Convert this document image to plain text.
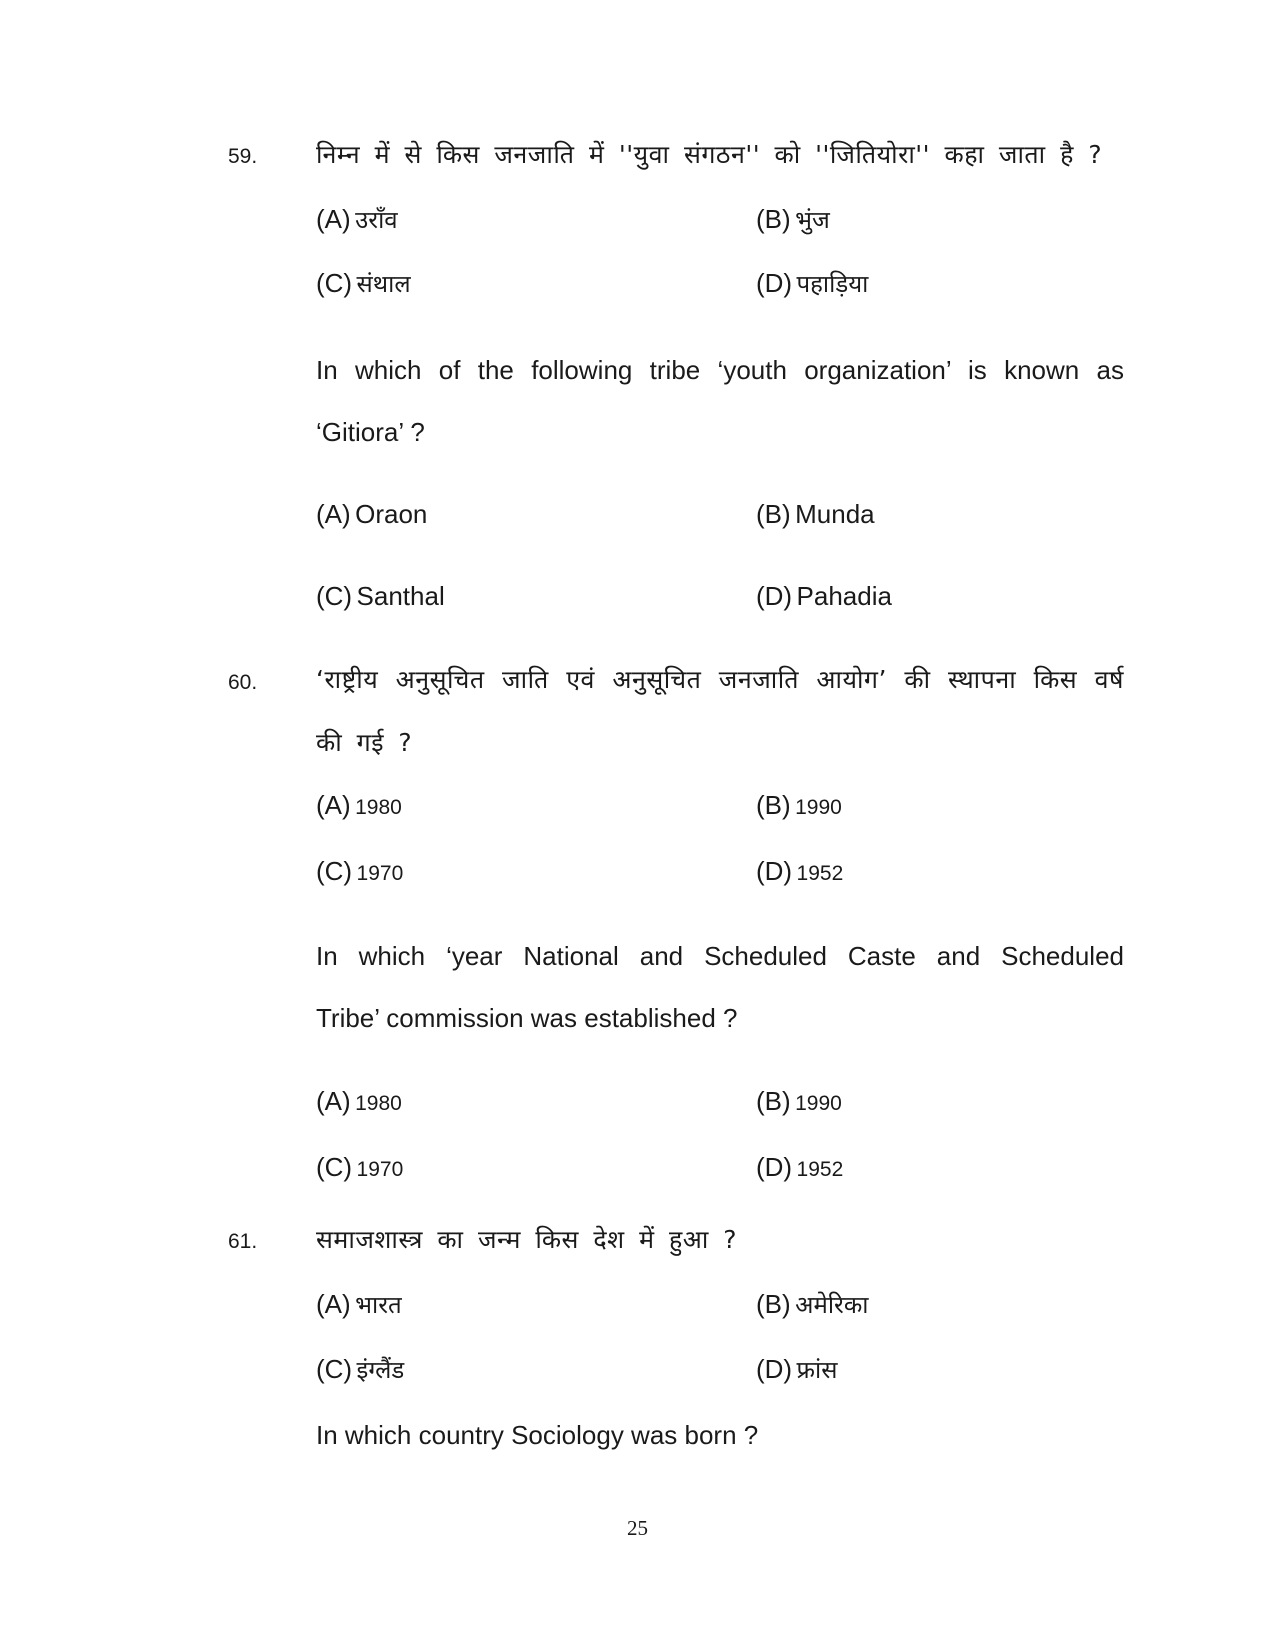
59. निम्न में से किस जनजाति में ''युवा संगठन'' को ''जितियोरा'' कहा जाता है ?
(A) उराँव	(B) भुंज
(C) संथाल	(D) पहाड़िया
In which of the following tribe ‘youth organization’ is known as
‘Gitiora’ ?
(A) Oraon	(B) Munda
(C) Santhal	(D) Pahadia
60. ‘राष्ट्रीय अनुसूचित जाति एवं अनुसूचित जनजाति आयोग’ की स्थापना किस वर्ष
की गई ?
(A) 1980	(B) 1990
(C) 1970	(D) 1952
In which ‘year National and Scheduled Caste and Scheduled
Tribe’ commission was established ?
(A) 1980	(B) 1990
(C) 1970	(D) 1952
61. समाजशास्त्र का जन्म किस देश में हुआ ?
(A) भारत	(B) अमेरिका
(C) इंग्लैंड	(D) फ्रांस
In which country Sociology was born ?
25
